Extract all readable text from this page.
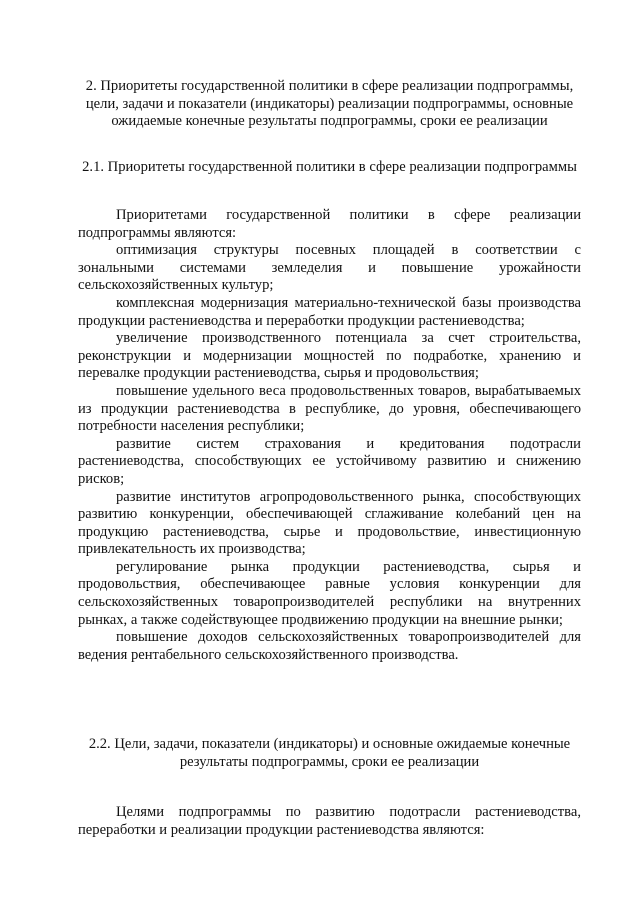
2. Приоритеты государственной политики в сфере реализации подпрограммы, цели, задачи и показатели (индикаторы) реализации подпрограммы, основные ожидаемые конечные результаты подпрограммы, сроки ее реализации

2.1. Приоритеты государственной политики в сфере реализации подпрограммы

Приоритетами государственной политики в сфере реализации подпрограммы являются:

оптимизация структуры посевных площадей в соответствии с зональными системами земледелия и повышение урожайности сельскохозяйственных культур;

комплексная модернизация материально-технической базы производства продукции растениеводства и переработки продукции растениеводства;

увеличение производственного потенциала за счет строительства, реконструкции и модернизации мощностей по подработке, хранению и перевалке продукции растениеводства, сырья и продовольствия;

повышение удельного веса продовольственных товаров, вырабатываемых из продукции растениеводства в республике, до уровня, обеспечивающего потребности населения республики;

развитие систем страхования и кредитования подотрасли растениеводства, способствующих ее устойчивому развитию и снижению рисков;

развитие институтов агропродовольственного рынка, способствующих развитию конкуренции, обеспечивающей сглаживание колебаний цен на продукцию растениеводства, сырье и продовольствие, инвестиционную привлекательность их производства;

регулирование рынка продукции растениеводства, сырья и продовольствия, обеспечивающее равные условия конкуренции для сельскохозяйственных товаропроизводителей республики на внутренних рынках, а также содействующее продвижению продукции на внешние рынки;

повышение доходов сельскохозяйственных товаропроизводителей для ведения рентабельного сельскохозяйственного производства.

2.2. Цели, задачи, показатели (индикаторы) и основные ожидаемые конечные результаты подпрограммы, сроки ее реализации

Целями подпрограммы по развитию подотрасли растениеводства, переработки и реализации продукции растениеводства являются:
